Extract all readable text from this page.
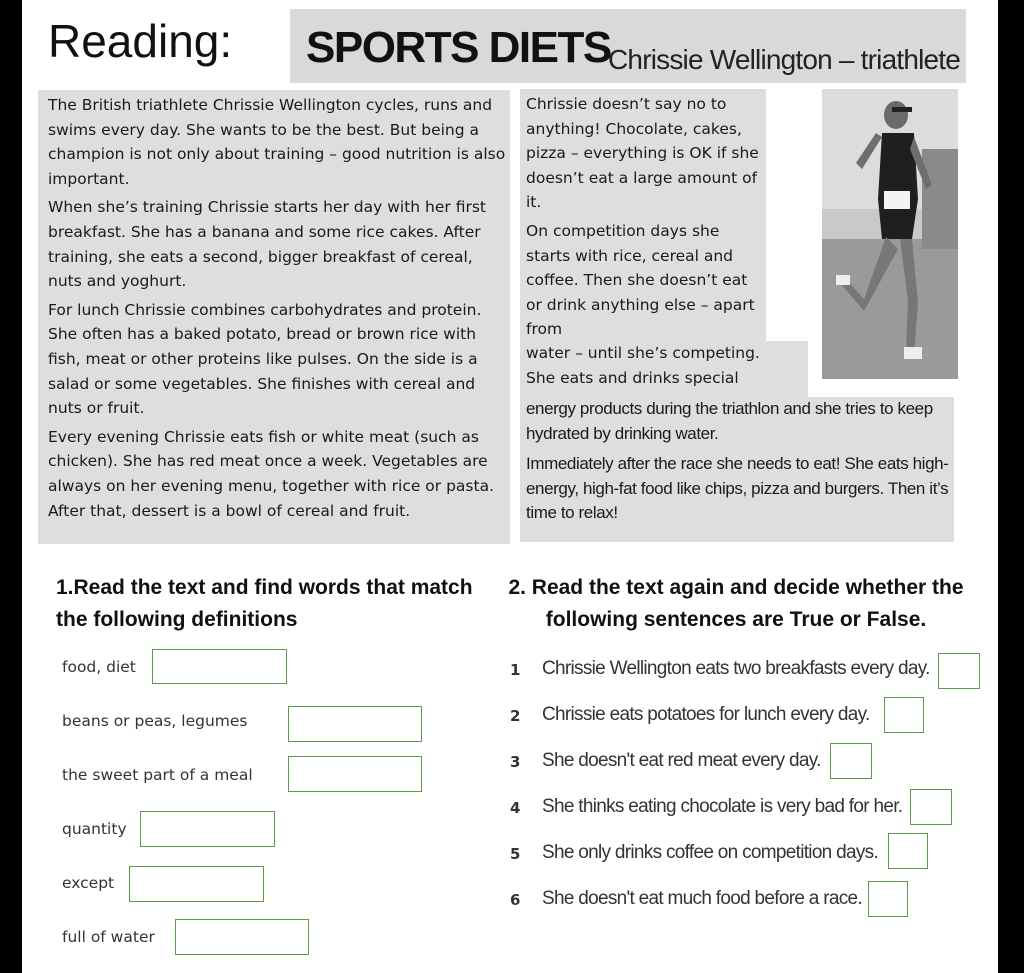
Reading: SPORTS DIETS
Chrissie Wellington – triathlete

The British triathlete Chrissie Wellington cycles, runs and swims every day. She wants to be the best. But being a champion is not only about training – good nutrition is also important.

When she’s training Chrissie starts her day with her first breakfast. She has a banana and some rice cakes. After training, she eats a second, bigger breakfast of cereal, nuts and yoghurt.

For lunch Chrissie combines carbohydrates and protein. She often has a baked potato, bread or brown rice with fish, meat or other proteins like pulses. On the side is a salad or some vegetables. She finishes with cereal and nuts or fruit.

Every evening Chrissie eats fish or white meat (such as chicken). She has red meat once a week. Vegetables are always on her evening menu, together with rice or pasta. After that, dessert is a bowl of cereal and fruit.

Chrissie doesn’t say no to anything! Chocolate, cakes, pizza – everything is OK if she doesn’t eat a large amount of it.

On competition days she starts with rice, cereal and coffee. Then she doesn’t eat or drink anything else – apart from

water – until she’s competing.
She eats and drinks special

energy products during the triathlon and she tries to keep hydrated by drinking water.

Immediately after the race she needs to eat! She eats high-energy, high-fat food like chips, pizza and burgers. Then it’s time to relax!

1.Read the text and find words that match the following definitions
food, diet
beans or peas, legumes
the sweet part of a meal
quantity
except
full of water
2. Read the text again and decide whether the following sentences are True or False.
1 Chrissie Wellington eats two breakfasts every day.
2 Chrissie eats potatoes for lunch every day.
3 She doesn't eat red meat every day.
4 She thinks eating chocolate is very bad for her.
5 She only drinks coffee on competition days.
6 She doesn't eat much food before a race.
